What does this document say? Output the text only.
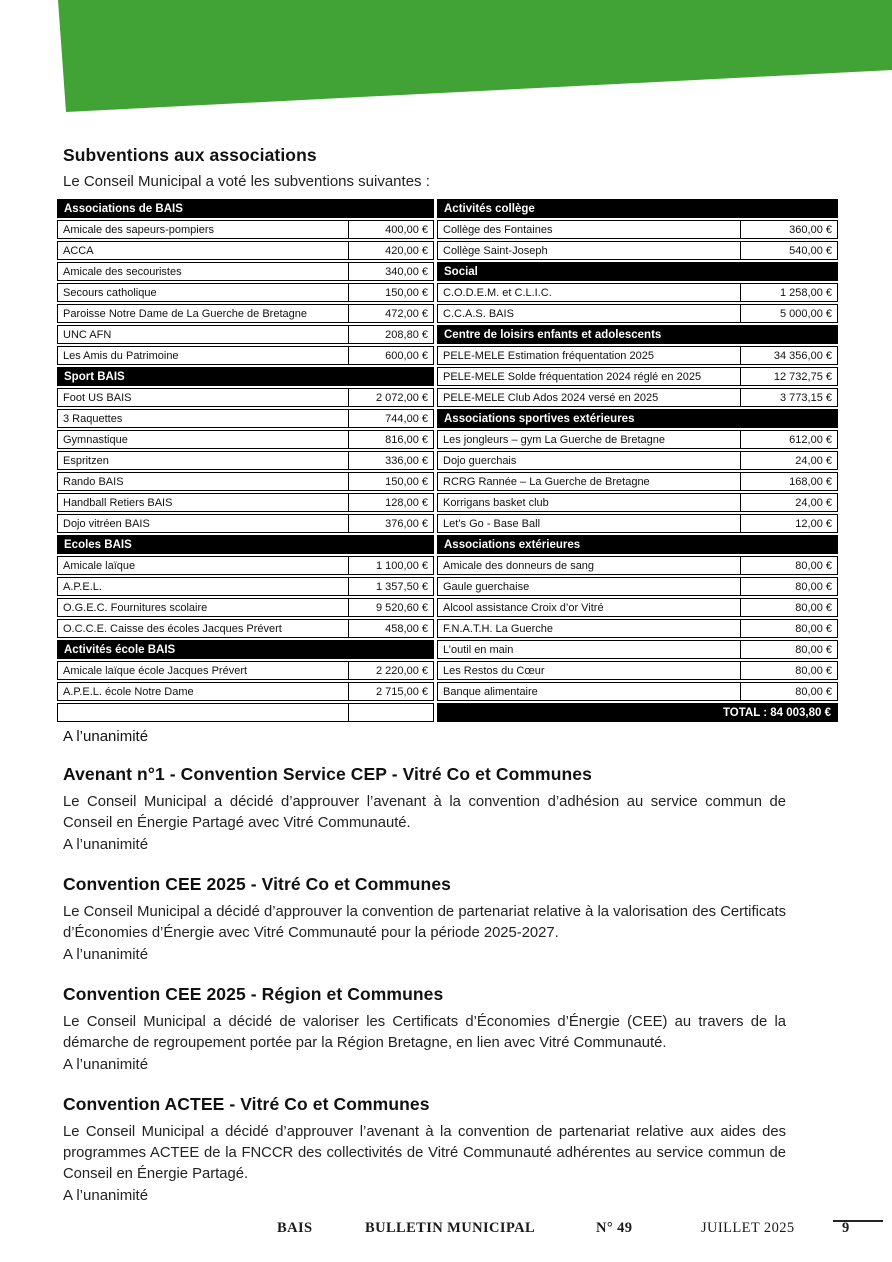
Subventions aux associations

Le Conseil Municipal a voté les subventions suivantes :

Associations de BAIS
Amicale des sapeurs-pompiers	400,00 €
ACCA	420,00 €
Amicale des secouristes	340,00 €
Secours catholique	150,00 €
Paroisse Notre Dame de La Guerche de Bretagne	472,00 €
UNC AFN	208,80 €
Les Amis du Patrimoine	600,00 €
Sport BAIS
Foot US BAIS	2 072,00 €
3 Raquettes	744,00 €
Gymnastique	816,00 €
Espritzen	336,00 €
Rando BAIS	150,00 €
Handball Retiers BAIS	128,00 €
Dojo vitréen BAIS	376,00 €
Ecoles BAIS
Amicale laïque	1 100,00 €
A.P.E.L.	1 357,50 €
O.G.E.C. Fournitures scolaire	9 520,60 €
O.C.C.E. Caisse des écoles Jacques Prévert	458,00 €
Activités école BAIS
Amicale laïque école Jacques Prévert	2 220,00 €
A.P.E.L. école Notre Dame	2 715,00 €
Activités collège
Collège des Fontaines	360,00 €
Collège Saint-Joseph	540,00 €
Social
C.O.D.E.M. et C.L.I.C.	1 258,00 €
C.C.A.S. BAIS	5 000,00 €
Centre de loisirs enfants et adolescents
PELE-MELE Estimation fréquentation 2025	34 356,00 €
PELE-MELE Solde fréquentation 2024 réglé en 2025	12 732,75 €
PELE-MELE Club Ados 2024 versé en 2025	3 773,15 €
Associations sportives extérieures
Les jongleurs – gym La Guerche de Bretagne	612,00 €
Dojo guerchais	24,00 €
RCRG Rannée – La Guerche de Bretagne	168,00 €
Korrigans basket club	24,00 €
Let’s Go - Base Ball	12,00 €
Associations extérieures
Amicale des donneurs de sang	80,00 €
Gaule guerchaise	80,00 €
Alcool assistance Croix d’or Vitré	80,00 €
F.N.A.T.H. La Guerche	80,00 €
L’outil en main	80,00 €
Les Restos du Cœur	80,00 €
Banque alimentaire	80,00 €
TOTAL : 84 003,80 €

A l’unanimité

Avenant n°1 - Convention Service CEP - Vitré Co et Communes

Le Conseil Municipal a décidé d’approuver l’avenant à la convention d’adhésion au service commun de Conseil en Énergie Partagé avec Vitré Communauté.

A l’unanimité

Convention CEE 2025 - Vitré Co et Communes

Le Conseil Municipal a décidé d’approuver la convention de partenariat relative à la valorisation des Certificats d’Économies d’Énergie avec Vitré Communauté pour la période 2025-2027.

A l’unanimité

Convention CEE 2025 - Région et Communes

Le Conseil Municipal a décidé de valoriser les Certificats d’Économies d’Énergie (CEE) au travers de la démarche de regroupement portée par la Région Bretagne, en lien avec Vitré Communauté.

A l’unanimité

Convention ACTEE - Vitré Co et Communes

Le Conseil Municipal a décidé d’approuver l’avenant à la convention de partenariat relative aux aides des programmes ACTEE de la FNCCR des collectivités de Vitré Communauté adhérentes au service commun de Conseil en Énergie Partagé.

A l’unanimité

BAIS	BULLETIN MUNICIPAL	N° 49	JUILLET 2025	9
